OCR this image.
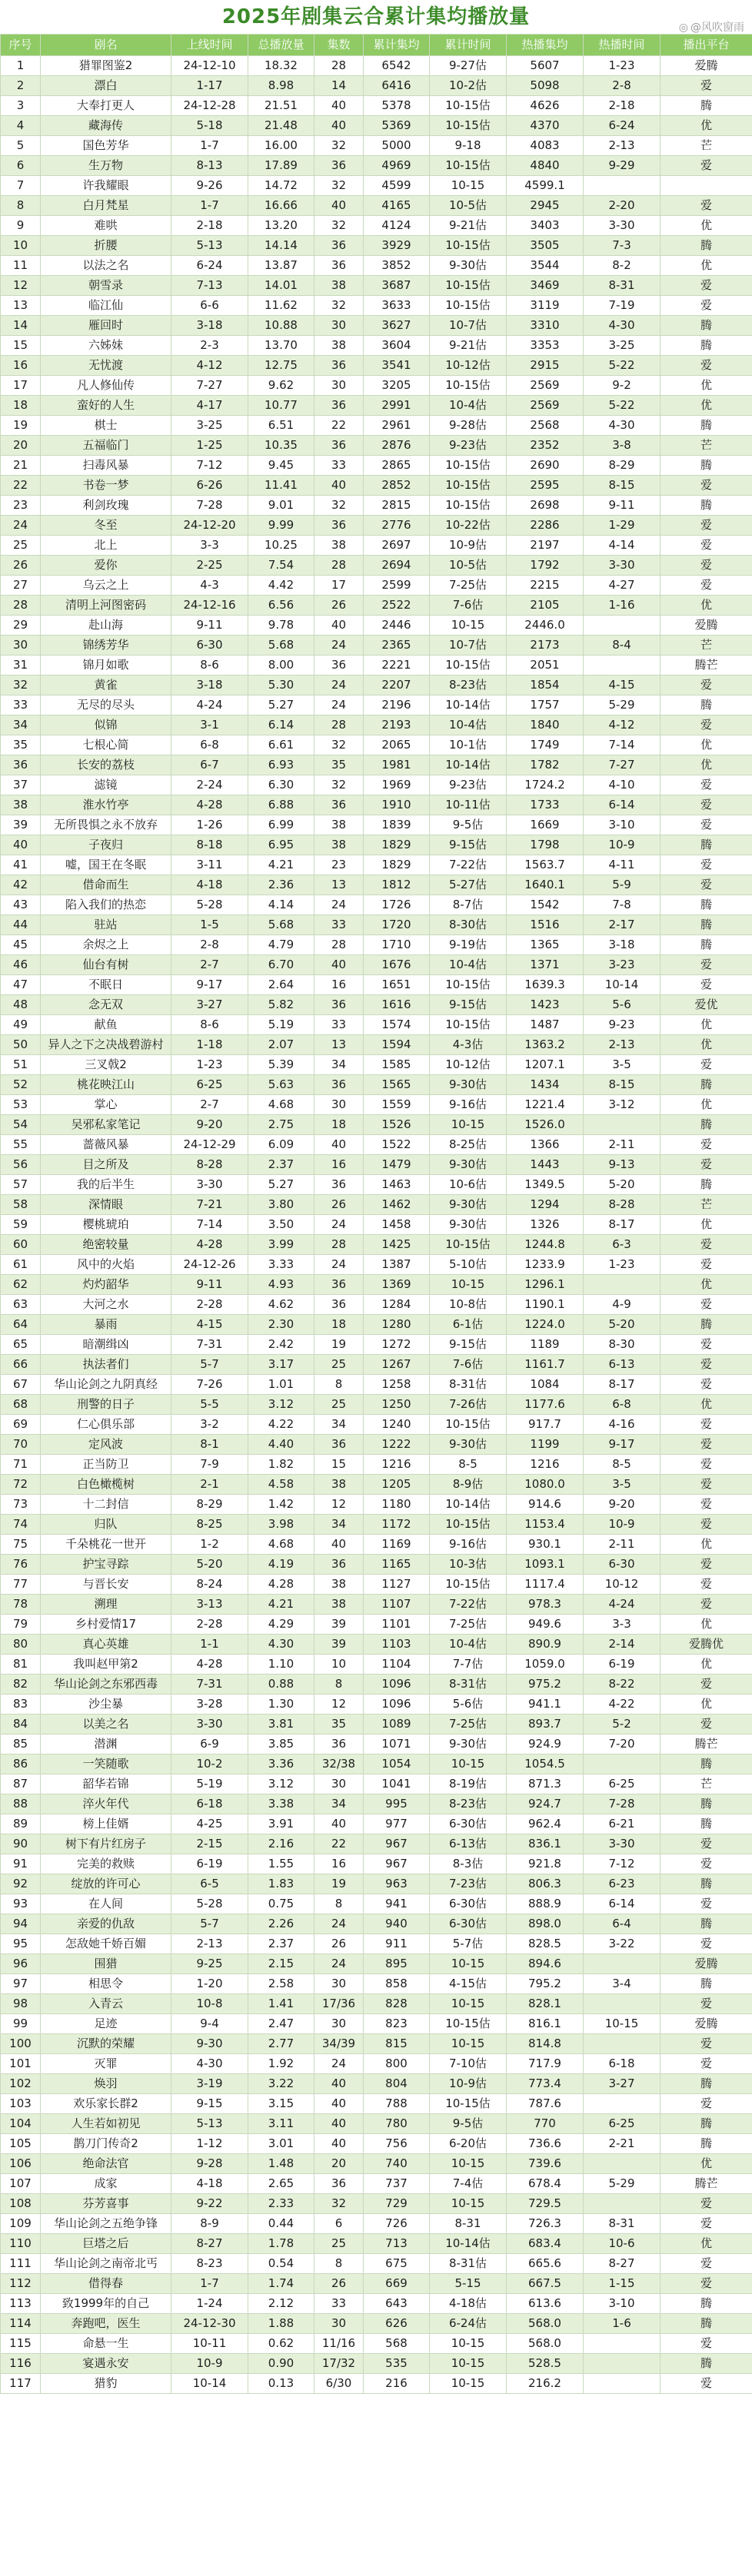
2025年剧集云合累计集均播放量	◎ @风吹窗雨
序号	剧名	上线时间	总播放量	集数	累计集均	累计时间	热播集均	热播时间	播出平台
1	猎罪图鉴2	24-12-10	18.32	28	6542	9-27估	5607	1-23	爱腾
2	漂白	1-17	8.98	14	6416	10-2估	5098	2-8	爱
3	大奉打更人	24-12-28	21.51	40	5378	10-15估	4626	2-18	腾
4	藏海传	5-18	21.48	40	5369	10-15估	4370	6-24	优
5	国色芳华	1-7	16.00	32	5000	9-18	4083	2-13	芒
6	生万物	8-13	17.89	36	4969	10-15估	4840	9-29	爱
7	许我耀眼	9-26	14.72	32	4599	10-15	4599.1		
8	白月梵星	1-7	16.66	40	4165	10-5估	2945	2-20	爱
9	难哄	2-18	13.20	32	4124	9-21估	3403	3-30	优
10	折腰	5-13	14.14	36	3929	10-15估	3505	7-3	腾
11	以法之名	6-24	13.87	36	3852	9-30估	3544	8-2	优
12	朝雪录	7-13	14.01	38	3687	10-15估	3469	8-31	爱
13	临江仙	6-6	11.62	32	3633	10-15估	3119	7-19	爱
14	雁回时	3-18	10.88	30	3627	10-7估	3310	4-30	腾
15	六姊妹	2-3	13.70	38	3604	9-21估	3353	3-25	腾
16	无忧渡	4-12	12.75	36	3541	10-12估	2915	5-22	爱
17	凡人修仙传	7-27	9.62	30	3205	10-15估	2569	9-2	优
18	蛮好的人生	4-17	10.77	36	2991	10-4估	2569	5-22	优
19	棋士	3-25	6.51	22	2961	9-28估	2568	4-30	腾
20	五福临门	1-25	10.35	36	2876	9-23估	2352	3-8	芒
21	扫毒风暴	7-12	9.45	33	2865	10-15估	2690	8-29	腾
22	书卷一梦	6-26	11.41	40	2852	10-15估	2595	8-15	爱
23	利剑玫瑰	7-28	9.01	32	2815	10-15估	2698	9-11	腾
24	冬至	24-12-20	9.99	36	2776	10-22估	2286	1-29	爱
25	北上	3-3	10.25	38	2697	10-9估	2197	4-14	爱
26	爱你	2-25	7.54	28	2694	10-5估	1792	3-30	爱
27	乌云之上	4-3	4.42	17	2599	7-25估	2215	4-27	爱
28	清明上河图密码	24-12-16	6.56	26	2522	7-6估	2105	1-16	优
29	赴山海	9-11	9.78	40	2446	10-15	2446.0		爱腾
30	锦绣芳华	6-30	5.68	24	2365	10-7估	2173	8-4	芒
31	锦月如歌	8-6	8.00	36	2221	10-15估	2051		腾芒
32	黄雀	3-18	5.30	24	2207	8-23估	1854	4-15	爱
33	无尽的尽头	4-24	5.27	24	2196	10-14估	1757	5-29	腾
34	似锦	3-1	6.14	28	2193	10-4估	1840	4-12	爱
35	七根心简	6-8	6.61	32	2065	10-1估	1749	7-14	优
36	长安的荔枝	6-7	6.93	35	1981	10-14估	1782	7-27	优
37	滤镜	2-24	6.30	32	1969	9-23估	1724.2	4-10	爱
38	淮水竹亭	4-28	6.88	36	1910	10-11估	1733	6-14	爱
39	无所畏惧之永不放弃	1-26	6.99	38	1839	9-5估	1669	3-10	爱
40	子夜归	8-18	6.95	38	1829	9-15估	1798	10-9	腾
41	嘘，国王在冬眠	3-11	4.21	23	1829	7-22估	1563.7	4-11	爱
42	借命而生	4-18	2.36	13	1812	5-27估	1640.1	5-9	爱
43	陷入我们的热恋	5-28	4.14	24	1726	8-7估	1542	7-8	腾
44	驻站	1-5	5.68	33	1720	8-30估	1516	2-17	腾
45	余烬之上	2-8	4.79	28	1710	9-19估	1365	3-18	腾
46	仙台有树	2-7	6.70	40	1676	10-4估	1371	3-23	爱
47	不眠日	9-17	2.64	16	1651	10-15估	1639.3	10-14	爱
48	念无双	3-27	5.82	36	1616	9-15估	1423	5-6	爱优
49	献鱼	8-6	5.19	33	1574	10-15估	1487	9-23	优
50	异人之下之决战碧游村	1-18	2.07	13	1594	4-3估	1363.2	2-13	优
51	三叉戟2	1-23	5.39	34	1585	10-12估	1207.1	3-5	爱
52	桃花映江山	6-25	5.63	36	1565	9-30估	1434	8-15	腾
53	掌心	2-7	4.68	30	1559	9-16估	1221.4	3-12	优
54	吴邪私家笔记	9-20	2.75	18	1526	10-15	1526.0		腾
55	蔷薇风暴	24-12-29	6.09	40	1522	8-25估	1366	2-11	爱
56	目之所及	8-28	2.37	16	1479	9-30估	1443	9-13	爱
57	我的后半生	3-30	5.27	36	1463	10-6估	1349.5	5-20	腾
58	深情眼	7-21	3.80	26	1462	9-30估	1294	8-28	芒
59	樱桃琥珀	7-14	3.50	24	1458	9-30估	1326	8-17	优
60	绝密较量	4-28	3.99	28	1425	10-15估	1244.8	6-3	爱
61	风中的火焰	24-12-26	3.33	24	1387	5-10估	1233.9	1-23	爱
62	灼灼韶华	9-11	4.93	36	1369	10-15	1296.1		优
63	大河之水	2-28	4.62	36	1284	10-8估	1190.1	4-9	爱
64	暴雨	4-15	2.30	18	1280	6-1估	1224.0	5-20	腾
65	暗潮缉凶	7-31	2.42	19	1272	9-15估	1189	8-30	爱
66	执法者们	5-7	3.17	25	1267	7-6估	1161.7	6-13	爱
67	华山论剑之九阴真经	7-26	1.01	8	1258	8-31估	1084	8-17	爱
68	刑警的日子	5-5	3.12	25	1250	7-26估	1177.6	6-8	优
69	仁心俱乐部	3-2	4.22	34	1240	10-15估	917.7	4-16	爱
70	定风波	8-1	4.40	36	1222	9-30估	1199	9-17	爱
71	正当防卫	7-9	1.82	15	1216	8-5	1216	8-5	爱
72	白色橄榄树	2-1	4.58	38	1205	8-9估	1080.0	3-5	爱
73	十二封信	8-29	1.42	12	1180	10-14估	914.6	9-20	爱
74	归队	8-25	3.98	34	1172	10-15估	1153.4	10-9	爱
75	千朵桃花一世开	1-2	4.68	40	1169	9-16估	930.1	2-11	优
76	护宝寻踪	5-20	4.19	36	1165	10-3估	1093.1	6-30	爱
77	与晋长安	8-24	4.28	38	1127	10-15估	1117.4	10-12	爱
78	溯理	3-13	4.21	38	1107	7-22估	978.3	4-24	爱
79	乡村爱情17	2-28	4.29	39	1101	7-25估	949.6	3-3	优
80	真心英雄	1-1	4.30	39	1103	10-4估	890.9	2-14	爱腾优
81	我叫赵甲第2	4-28	1.10	10	1104	7-7估	1059.0	6-19	优
82	华山论剑之东邪西毒	7-31	0.88	8	1096	8-31估	975.2	8-22	爱
83	沙尘暴	3-28	1.30	12	1096	5-6估	941.1	4-22	优
84	以美之名	3-30	3.81	35	1089	7-25估	893.7	5-2	爱
85	潜渊	6-9	3.85	36	1071	9-30估	924.9	7-20	腾芒
86	一笑随歌	10-2	3.36	32/38	1054	10-15	1054.5		腾
87	韶华若锦	5-19	3.12	30	1041	8-19估	871.3	6-25	芒
88	淬火年代	6-18	3.38	34	995	8-23估	924.7	7-28	腾
89	榜上佳婿	4-25	3.91	40	977	6-30估	962.4	6-21	腾
90	树下有片红房子	2-15	2.16	22	967	6-13估	836.1	3-30	爱
91	完美的救赎	6-19	1.55	16	967	8-3估	921.8	7-12	爱
92	绽放的许可心	6-5	1.83	19	963	7-23估	806.3	6-23	腾
93	在人间	5-28	0.75	8	941	6-30估	888.9	6-14	爱
94	亲爱的仇敌	5-7	2.26	24	940	6-30估	898.0	6-4	腾
95	怎敌她千娇百媚	2-13	2.37	26	911	5-7估	828.5	3-22	爱
96	围猎	9-25	2.15	24	895	10-15	894.6		爱腾
97	相思令	1-20	2.58	30	858	4-15估	795.2	3-4	腾
98	入青云	10-8	1.41	17/36	828	10-15	828.1		爱
99	足迹	9-4	2.47	30	823	10-15估	816.1	10-15	爱腾
100	沉默的荣耀	9-30	2.77	34/39	815	10-15	814.8		爱
101	灭罪	4-30	1.92	24	800	7-10估	717.9	6-18	爱
102	焕羽	3-19	3.22	40	804	10-9估	773.4	3-27	腾
103	欢乐家长群2	9-15	3.15	40	788	10-15估	787.6		爱
104	人生若如初见	5-13	3.11	40	780	9-5估	770	6-25	腾
105	鹊刀门传奇2	1-12	3.01	40	756	6-20估	736.6	2-21	腾
106	绝命法官	9-28	1.48	20	740	10-15	739.6		优
107	成家	4-18	2.65	36	737	7-4估	678.4	5-29	腾芒
108	芬芳喜事	9-22	2.33	32	729	10-15	729.5		爱
109	华山论剑之五绝争锋	8-9	0.44	6	726	8-31	726.3	8-31	爱
110	巨塔之后	8-27	1.78	25	713	10-14估	683.4	10-6	优
111	华山论剑之南帝北丐	8-23	0.54	8	675	8-31估	665.6	8-27	爱
112	借得春	1-7	1.74	26	669	5-15	667.5	1-15	爱
113	致1999年的自己	1-24	2.12	33	643	4-18估	613.6	3-10	腾
114	奔跑吧，医生	24-12-30	1.88	30	626	6-24估	568.0	1-6	腾
115	命悬一生	10-11	0.62	11/16	568	10-15	568.0		爱
116	宴遇永安	10-9	0.90	17/32	535	10-15	528.5		腾
117	猎豹	10-14	0.13	6/30	216	10-15	216.2		爱
